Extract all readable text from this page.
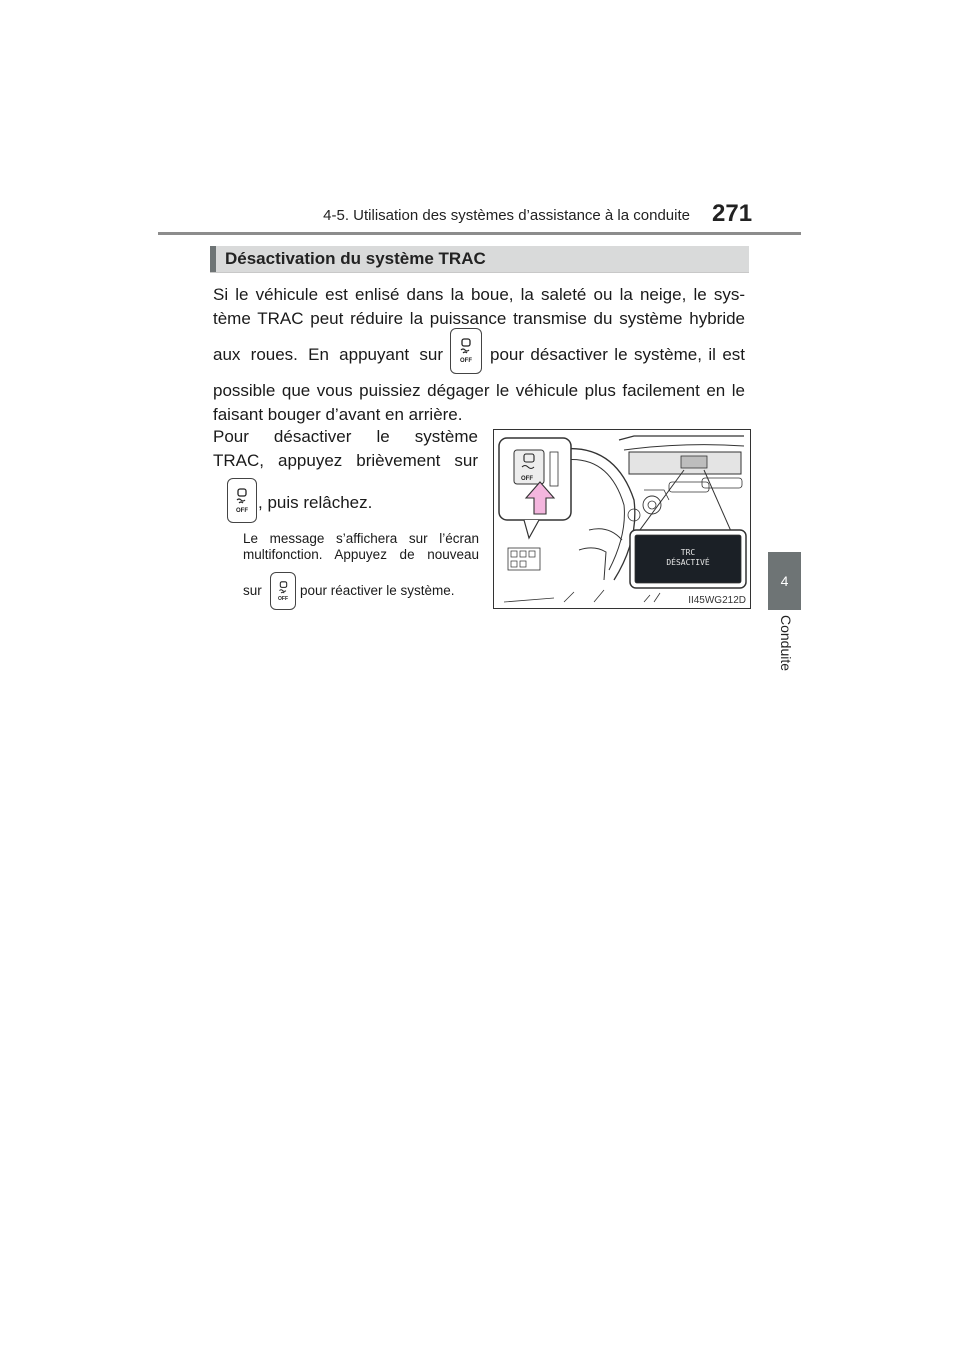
4-5. Utilisation des systèmes d’assistance à la conduite 271
4
Conduite
Désactivation du système TRAC
Si le véhicule est enlisé dans la boue, la saleté ou la neige, le sys-
tème TRAC peut réduire la puissance transmise du système hybride
aux roues. En appuyant sur	OFF pour désactiver le système, il est
possible que vous puissiez dégager le véhicule plus facilement en le
faisant bouger d’avant en arrière.
Pour désactiver le système
TRAC, appuyez brièvement sur
OFF , puis relâchez.
Le message s’affichera sur l’écran
multifonction. Appuyez de nouveau
sur
OFF
pour réactiver le système.
OFF
TRC
DÉSACTIVÉ
II45WG212D
